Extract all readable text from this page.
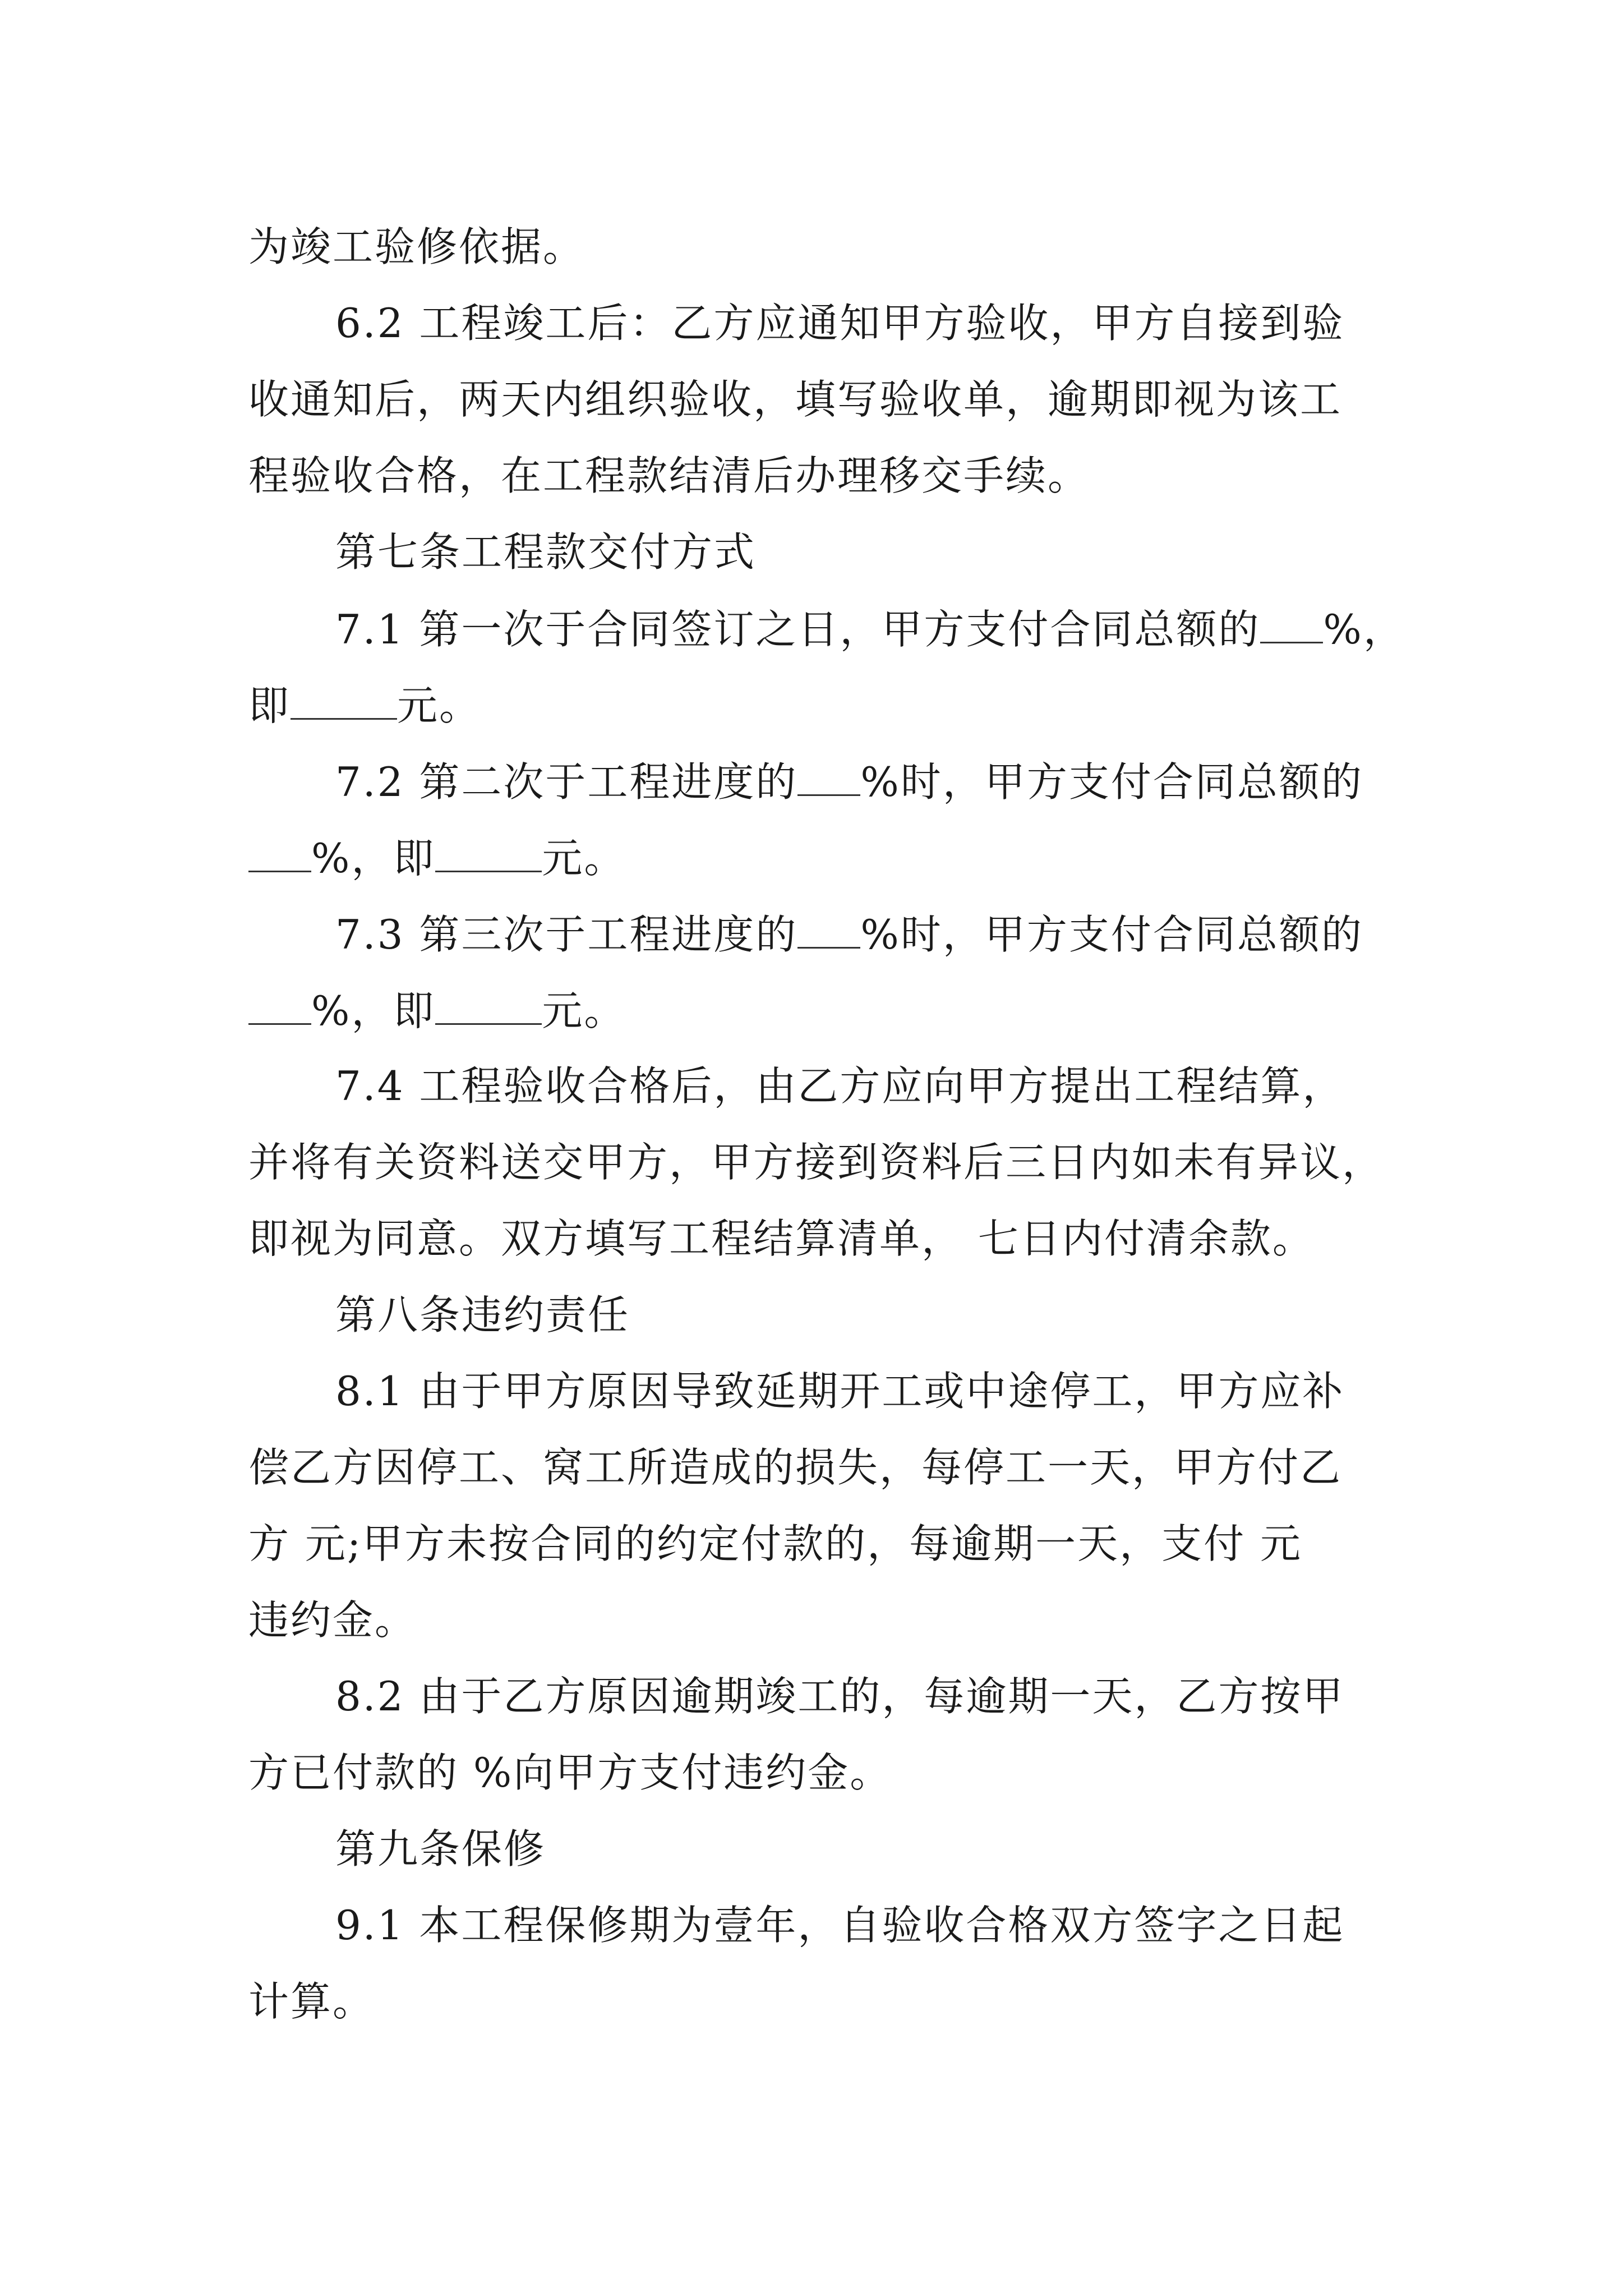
为竣工验修依据。
6.2 工程竣工后：乙方应通知甲方验收，甲方自接到验
收通知后，两天内组织验收，填写验收单，逾期即视为该工
程验收合格，在工程款结清后办理移交手续。
第七条工程款交付方式
7.1 第一次于合同签订之日，甲方支付合同总额的 %，
即	元。
7.2 第二次于工程进度的 %时，甲方支付合同总额的
%，即	元。
7.3 第三次于工程进度的 %时，甲方支付合同总额的
%，即	元。
7.4 工程验收合格后，由乙方应向甲方提出工程结算，
并将有关资料送交甲方，甲方接到资料后三日内如未有异议，
即视为同意。双方填写工程结算清单， 七日内付清余款。
第八条违约责任
8.1 由于甲方原因导致延期开工或中途停工，甲方应补
偿乙方因停工、窝工所造成的损失，每停工一天，甲方付乙
方 元;甲方未按合同的约定付款的，每逾期一天，支付 元
违约金。
8.2 由于乙方原因逾期竣工的，每逾期一天，乙方按甲
方已付款的 %向甲方支付违约金。
第九条保修
9.1 本工程保修期为壹年，自验收合格双方签字之日起
计算。
